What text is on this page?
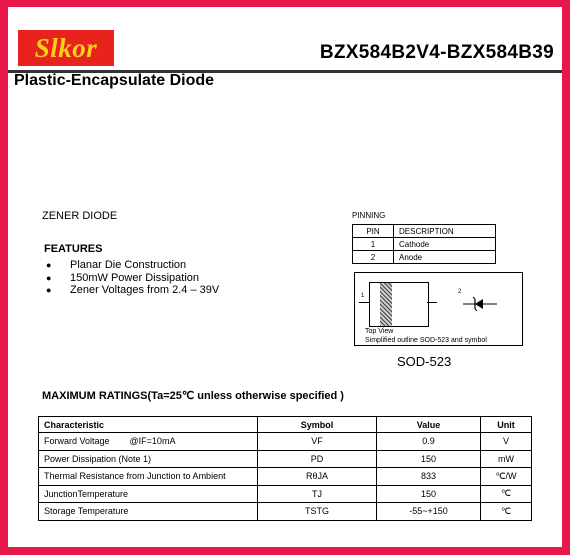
Slkor	BZX584B2V4-BZX584B39
Plastic-Encapsulate Diode
ZENER DIODE
FEATURES
● Planar Die Construction
● 150mW Power Dissipation
● Zener Voltages from 2.4 – 39V
PINNING
PIN	DESCRIPTION
1	Cathode
2	Anode
1
2
Top View
Simplified outline SOD-523 and symbol
SOD-523
MAXIMUM RATINGS(Ta=25℃ unless otherwise specified )
Characteristic	Symbol	Value	Unit
Forward Voltage        @IF=10mA	VF	0.9	V
Power Dissipation (Note 1)	PD	150	mW
Thermal Resistance from Junction to Ambient	RθJA	833	℃/W
JunctionTemperature	TJ	150	℃
Storage Temperature	TSTG	-55~+150	℃
